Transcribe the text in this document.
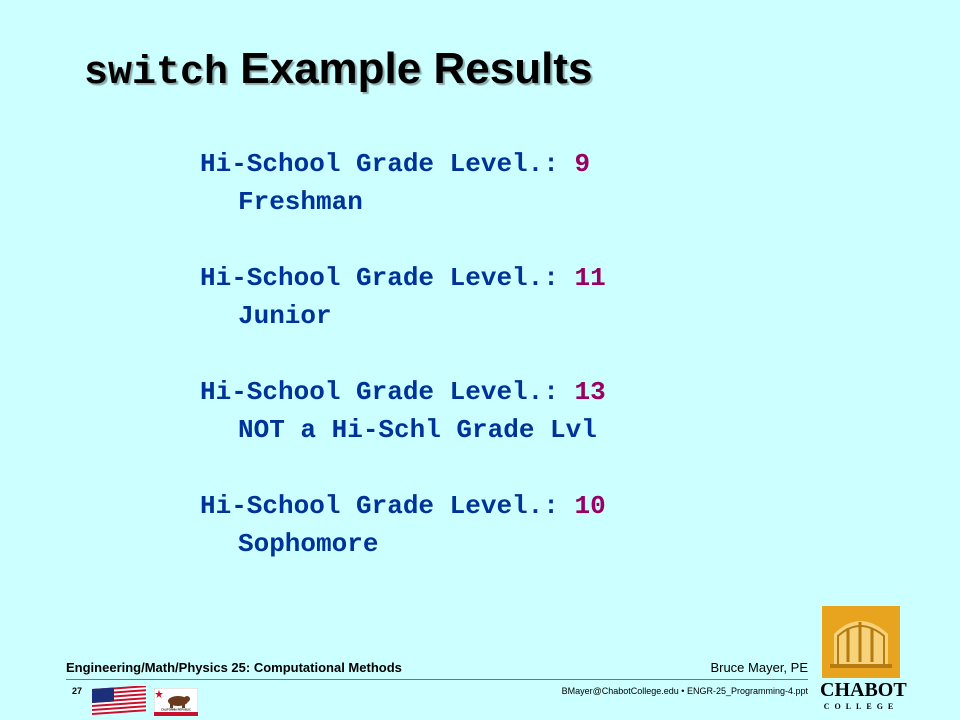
switch Example Results
Hi-School Grade Level.: 9
Freshman
Hi-School Grade Level.: 11
Junior
Hi-School Grade Level.: 13
NOT a Hi-Schl Grade Lvl
Hi-School Grade Level.: 10
Sophomore
Engineering/Math/Physics 25: Computational Methods	Bruce Mayer, PE
27	BMayer@ChabotCollege.edu • ENGR-25_Programming-4.ppt
CALIFORNIA REPUBLIC
CHABOT
COLLEGE
